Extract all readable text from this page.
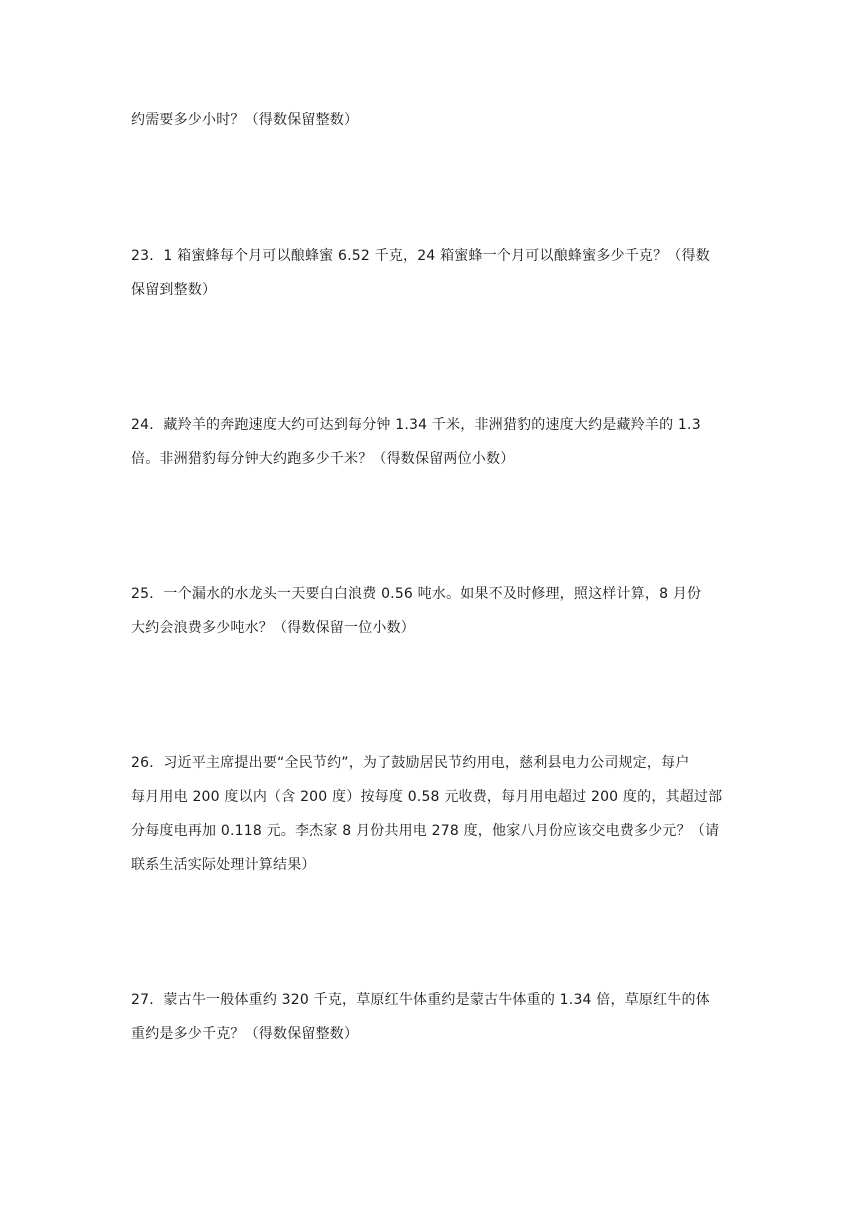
约需要多少小时？（得数保留整数）
23．1 箱蜜蜂每个月可以酿蜂蜜 6.52 千克，24 箱蜜蜂一个月可以酿蜂蜜多少千克？（得数
保留到整数）
24．藏羚羊的奔跑速度大约可达到每分钟 1.34 千米，非洲猎豹的速度大约是藏羚羊的 1.3
倍。非洲猎豹每分钟大约跑多少千米？（得数保留两位小数）
25．一个漏水的水龙头一天要白白浪费 0.56 吨水。如果不及时修理，照这样计算，8 月份
大约会浪费多少吨水？（得数保留一位小数）
26．习近平主席提出要“全民节约”，为了鼓励居民节约用电，慈利县电力公司规定，每户
每月用电 200 度以内（含 200 度）按每度 0.58 元收费，每月用电超过 200 度的，其超过部
分每度电再加 0.118 元。李杰家 8 月份共用电 278 度，他家八月份应该交电费多少元？（请
联系生活实际处理计算结果）
27．蒙古牛一般体重约 320 千克，草原红牛体重约是蒙古牛体重的 1.34 倍，草原红牛的体
重约是多少千克？（得数保留整数）
